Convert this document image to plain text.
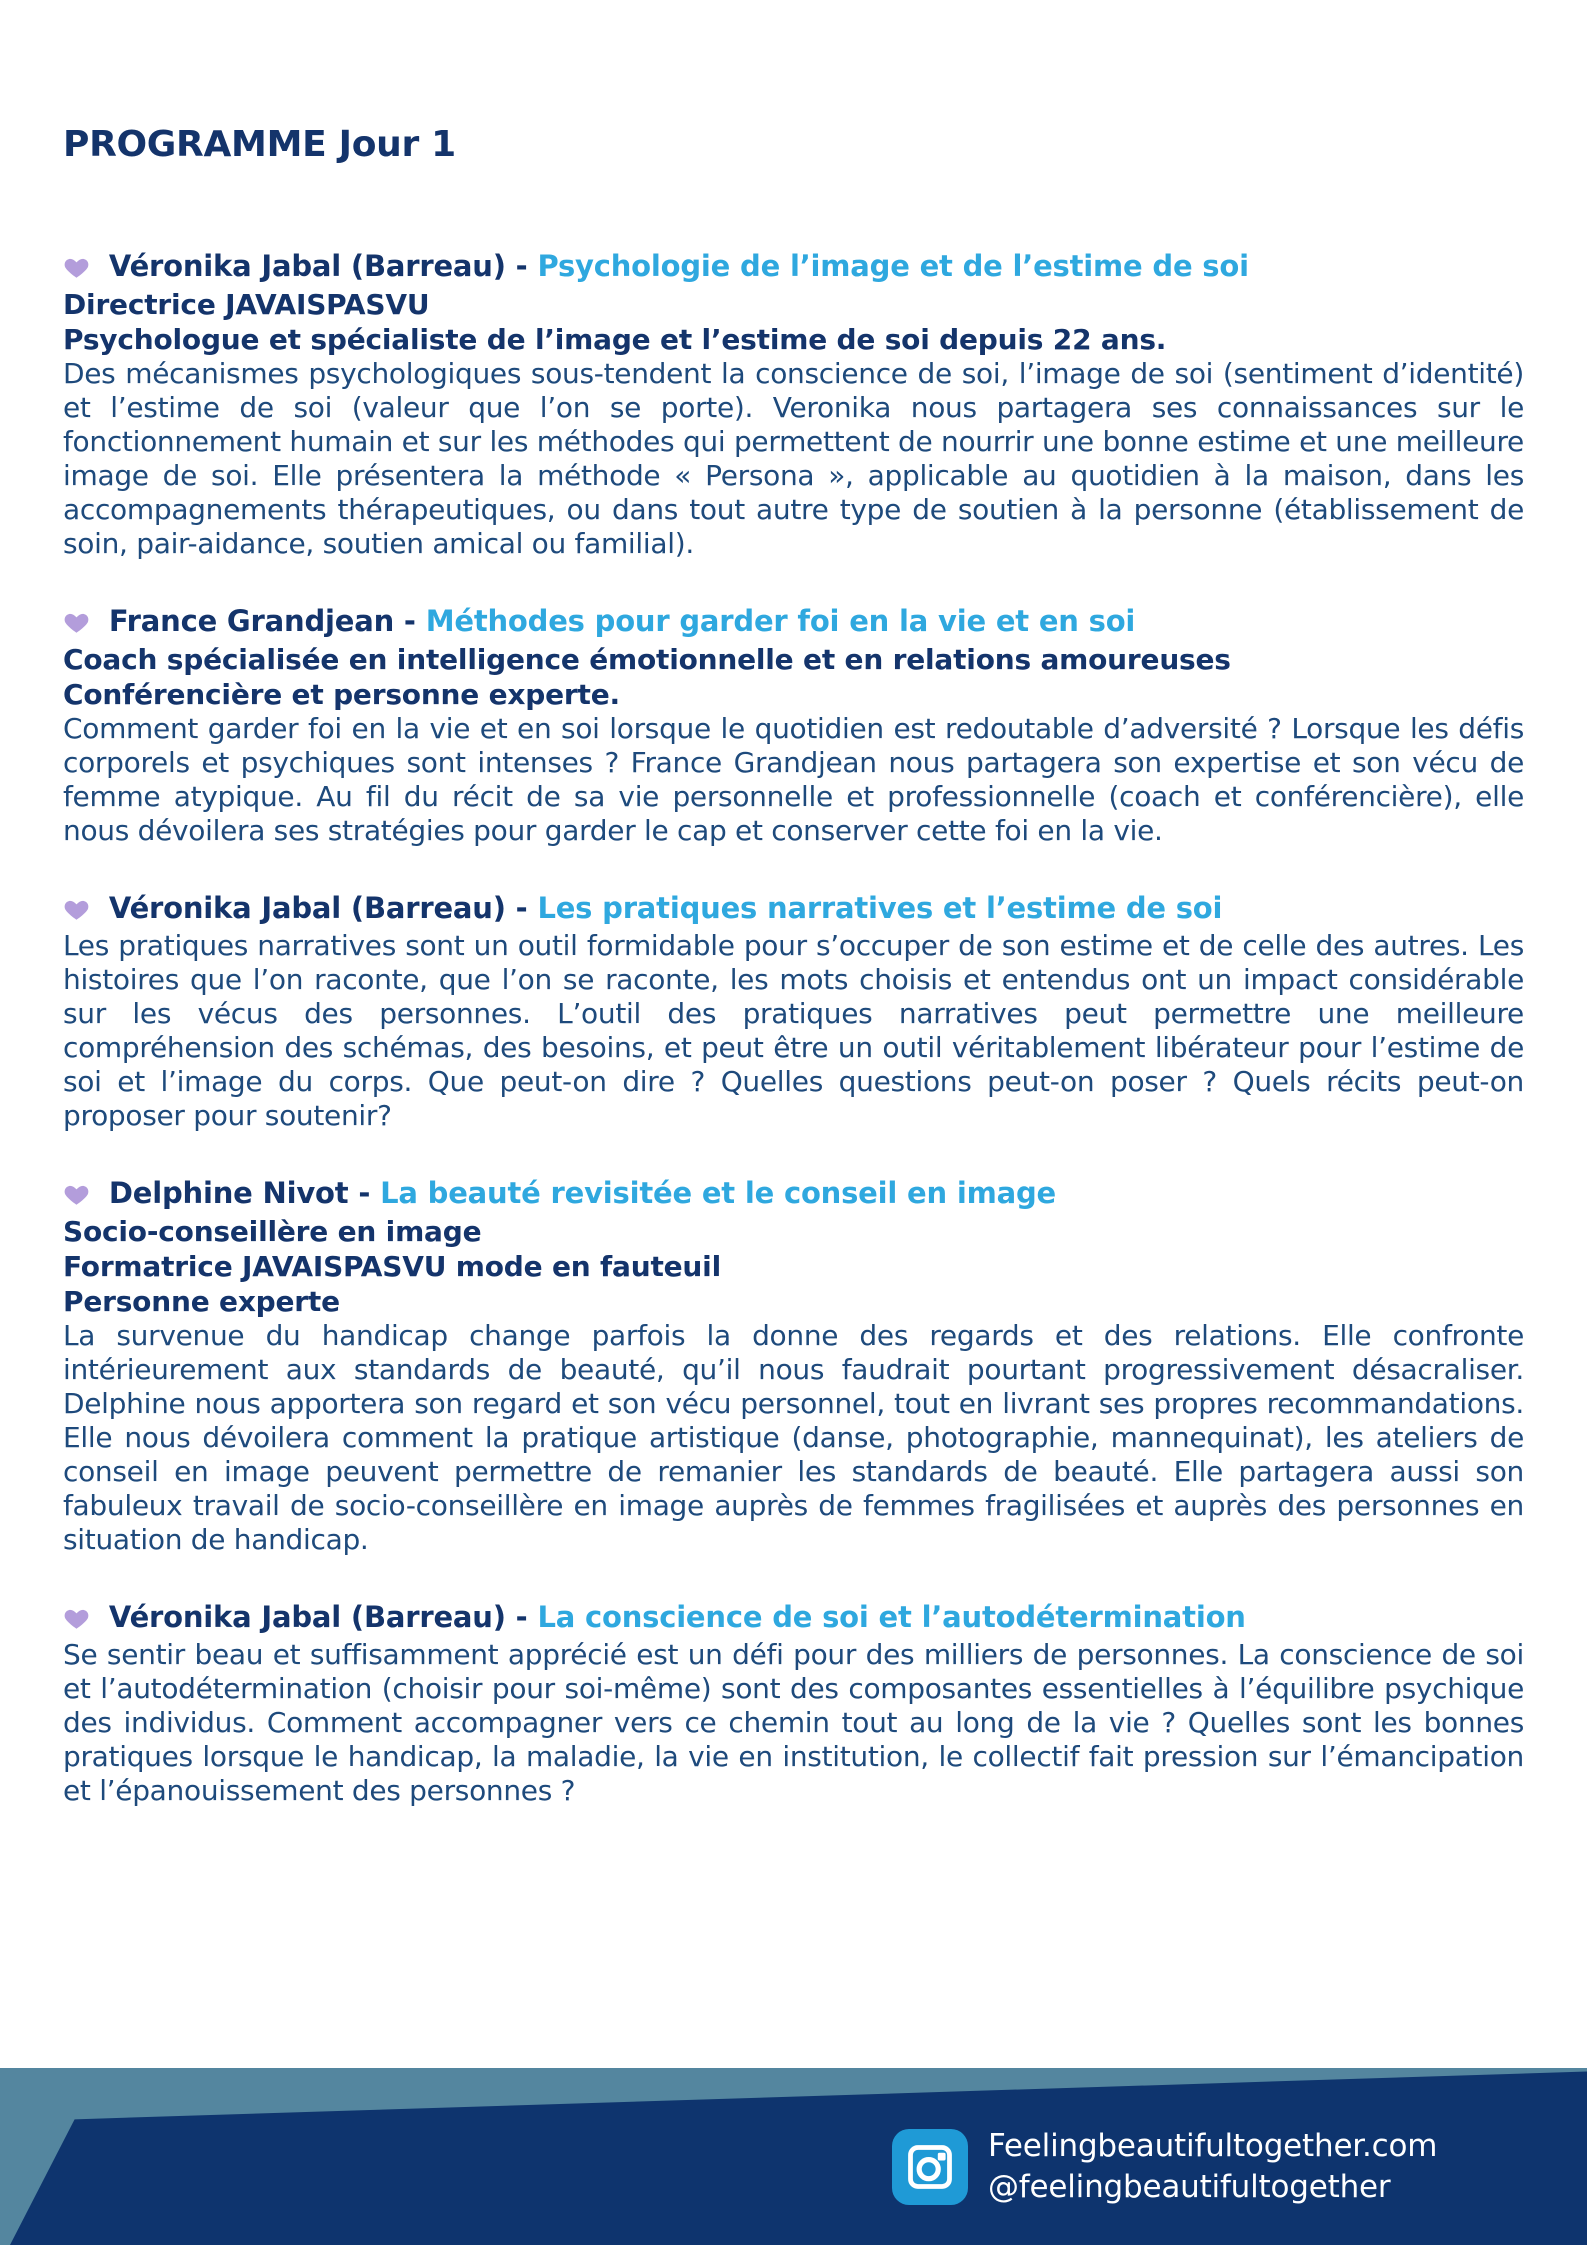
PROGRAMME Jour 1
Véronika Jabal (Barreau) - Psychologie de l’image et de l’estime de soi
Directrice JAVAISPASVU
Psychologue et spécialiste de l’image et l’estime de soi depuis 22 ans.
Des mécanismes psychologiques sous-tendent la conscience de soi, l’image de soi (sentiment d’identité) et l’estime de soi (valeur que l’on se porte). Veronika nous partagera ses connaissances sur le fonctionnement humain et sur les méthodes qui permettent de nourrir une bonne estime et une meilleure image de soi. Elle présentera la méthode « Persona », applicable au quotidien à la maison, dans les accompagnements thérapeutiques, ou dans tout autre type de soutien à la personne (établissement de soin, pair-aidance, soutien amical ou familial).
France Grandjean - Méthodes pour garder foi en la vie et en soi
Coach spécialisée en intelligence émotionnelle et en relations amoureuses
Conférencière et personne experte.
Comment garder foi en la vie et en soi lorsque le quotidien est redoutable d’adversité ? Lorsque les défis corporels et psychiques sont intenses ? France Grandjean nous partagera son expertise et son vécu de femme atypique. Au fil du récit de sa vie personnelle et professionnelle (coach et conférencière), elle nous dévoilera ses stratégies pour garder le cap et conserver cette foi en la vie.
Véronika Jabal (Barreau) - Les pratiques narratives et l’estime de soi
Les pratiques narratives sont un outil formidable pour s’occuper de son estime et de celle des autres. Les histoires que l’on raconte, que l’on se raconte, les mots choisis et entendus ont un impact considérable sur les vécus des personnes. L’outil des pratiques narratives peut permettre une meilleure compréhension des schémas, des besoins, et peut être un outil véritablement libérateur pour l’estime de soi et l’image du corps. Que peut-on dire ? Quelles questions peut-on poser ? Quels récits peut-on proposer pour soutenir?
Delphine Nivot - La beauté revisitée et le conseil en image
Socio-conseillère en image
Formatrice JAVAISPASVU mode en fauteuil
Personne experte
La survenue du handicap change parfois la donne des regards et des relations. Elle confronte intérieurement aux standards de beauté, qu’il nous faudrait pourtant progressivement désacraliser. Delphine nous apportera son regard et son vécu personnel, tout en livrant ses propres recommandations. Elle nous dévoilera comment la pratique artistique (danse, photographie, mannequinat), les ateliers de conseil en image peuvent permettre de remanier les standards de beauté. Elle partagera aussi son fabuleux travail de socio-conseillère en image auprès de femmes fragilisées et auprès des personnes en situation de handicap.
Véronika Jabal (Barreau) - La conscience de soi et l’autodétermination
Se sentir beau et suffisamment apprécié est un défi pour des milliers de personnes. La conscience de soi et l’autodétermination (choisir pour soi-même) sont des composantes essentielles à l’équilibre psychique des individus. Comment accompagner vers ce chemin tout au long de la vie ? Quelles sont les bonnes pratiques lorsque le handicap, la maladie, la vie en institution, le collectif fait pression sur l’émancipation et l’épanouissement des personnes ?
Feelingbeautifultogether.com
@feelingbeautifultogether
